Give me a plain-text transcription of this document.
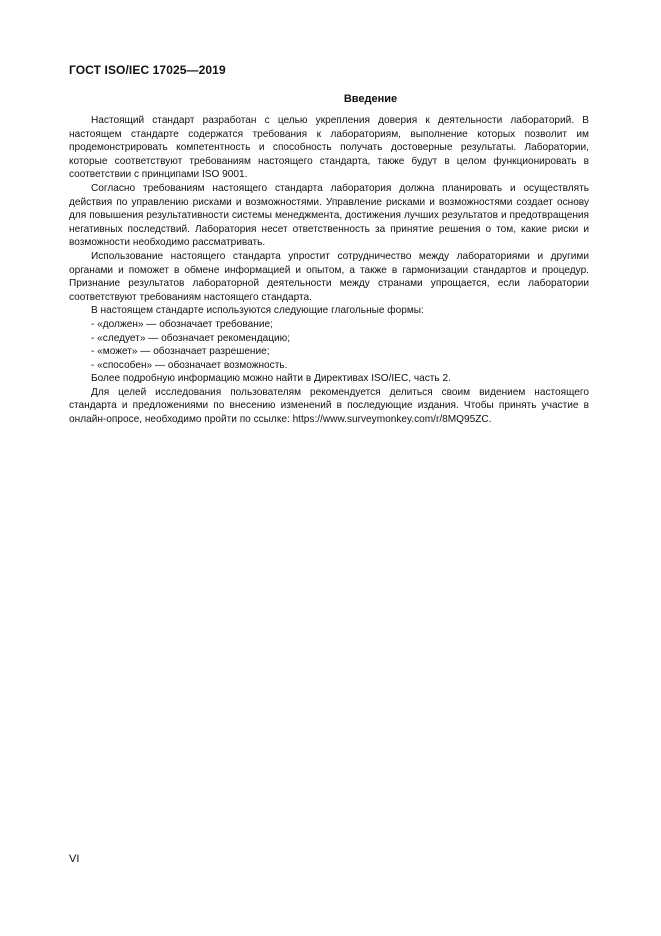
ГОСТ ISO/IEC 17025—2019
Введение

Настоящий стандарт разработан с целью укрепления доверия к деятельности лабораторий. В настоящем стандарте содержатся требования к лабораториям, выполнение которых позволит им продемонстрировать компетентность и способность получать достоверные результаты. Лаборатории, которые соответствуют требованиям настоящего стандарта, также будут в целом функционировать в соответствии с принципами ISO 9001.

Согласно требованиям настоящего стандарта лаборатория должна планировать и осуществлять действия по управлению рисками и возможностями. Управление рисками и возможностями создает основу для повышения результативности системы менеджмента, достижения лучших результатов и предотвращения негативных последствий. Лаборатория несет ответственность за принятие решения о том, какие риски и возможности необходимо рассматривать.

Использование настоящего стандарта упростит сотрудничество между лабораториями и другими органами и поможет в обмене информацией и опытом, а также в гармонизации стандартов и процедур. Признание результатов лабораторной деятельности между странами упрощается, если лаборатории соответствуют требованиям настоящего стандарта.

В настоящем стандарте используются следующие глагольные формы:

- «должен» — обозначает требование;

- «следует» — обозначает рекомендацию;

- «может» — обозначает разрешение;

- «способен» — обозначает возможность.

Более подробную информацию можно найти в Директивах ISO/IEC, часть 2.

Для целей исследования пользователям рекомендуется делиться своим видением настоящего стандарта и предложениями по внесению изменений в последующие издания. Чтобы принять участие в онлайн-опросе, необходимо пройти по ссылке: https://www.surveymonkey.com/r/8MQ95ZC.

VI
